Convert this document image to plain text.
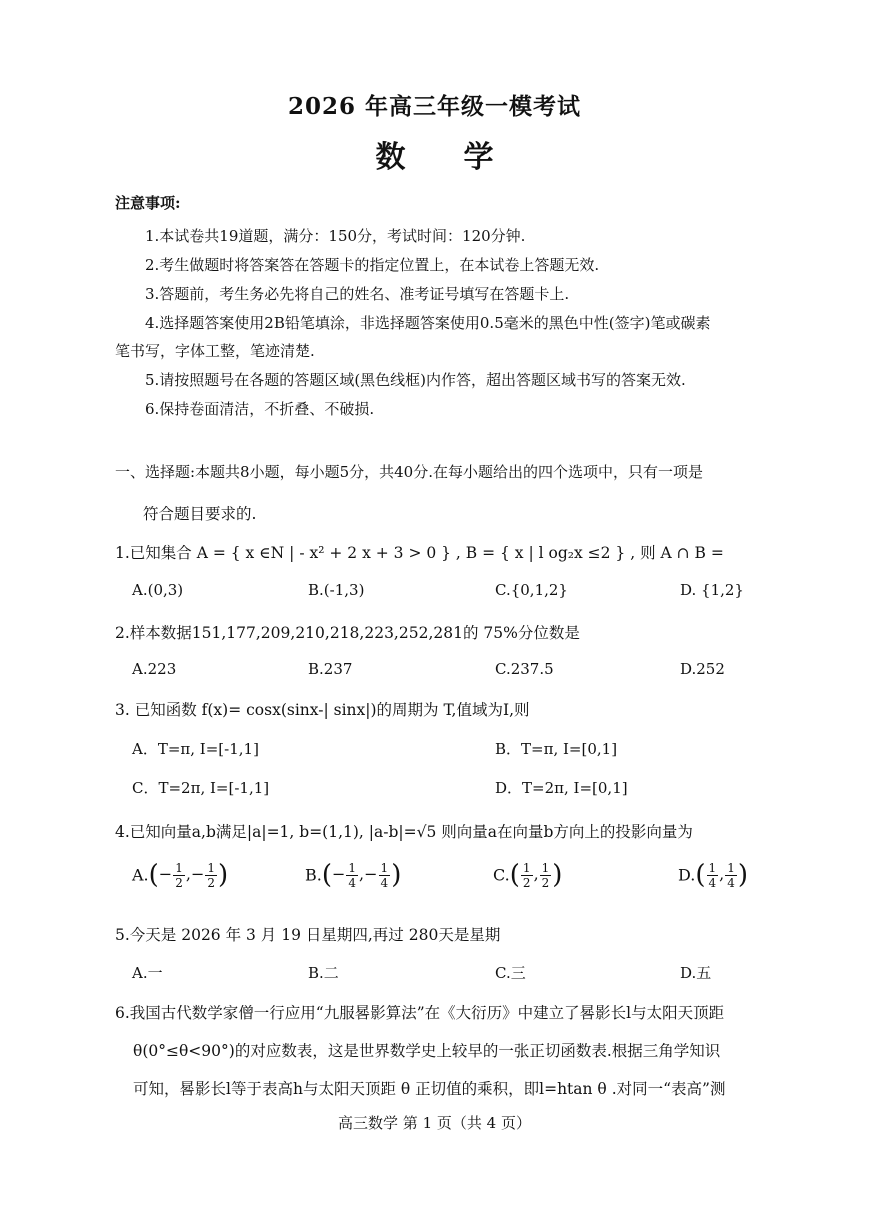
2026 年高三年级一模考试
数学
注意事项:
1.本试卷共19道题，满分：150分，考试时间：120分钟.
2.考生做题时将答案答在答题卡的指定位置上，在本试卷上答题无效.
3.答题前，考生务必先将自己的姓名、准考证号填写在答题卡上.
4.选择题答案使用2B铅笔填涂，非选择题答案使用0.5毫米的黑色中性(签字)笔或碳素
笔书写，字体工整，笔迹清楚.
5.请按照题号在各题的答题区域(黑色线框)内作答，超出答题区域书写的答案无效.
6.保持卷面清洁，不折叠、不破损.
一、选择题:本题共8小题，每小题5分，共40分.在每小题给出的四个选项中，只有一项是
符合题目要求的.
1.已知集合 A = { x ∈N | - x² + 2 x + 3 > 0 } , B = { x | l og₂x ≤2 } , 则 A ∩ B =
A.(0,3)	B.(-1,3)	C.{0,1,2}	D. {1,2}
2.样本数据151,177,209,210,218,223,252,281的 75%分位数是
A.223	B.237	C.237.5	D.252
3. 已知函数 f(x)= cosx(sinx-| sinx|)的周期为 T,值域为I,则
A．T=π, I=[-1,1]	B．T=π, I=[0,1]
C．T=2π, I=[-1,1]	D．T=2π, I=[0,1]
4.已知向量a,b满足|a|=1, b=(1,1), |a-b|=√5 则向量a在向量b方向上的投影向量为
$A.(- \frac{1}{2}$ ,− $\frac{1}{2}$ )	$B.(- \frac{1}{4}$ ,− $\frac{1}{4}$ )	$C.( \frac{1}{2}$ , $\frac{1}{2}$ )	$D.( \frac{1}{4}$ , $\frac{1}{4}$ )
5.今天是 2026 年 3 月 19 日星期四,再过 280天是星期
A.一	B.二	C.三	D.五
6.我国古代数学家僧一行应用“九服晷影算法”在《大衍历》中建立了晷影长l与太阳天顶距
θ(0°≤θ<90°)的对应数表，这是世界数学史上较早的一张正切函数表.根据三角学知识
可知，晷影长l等于表高h与太阳天顶距 θ 正切值的乘积，即l=htan θ .对同一“表高”测
高三数学 第 1 页（共 4 页）
